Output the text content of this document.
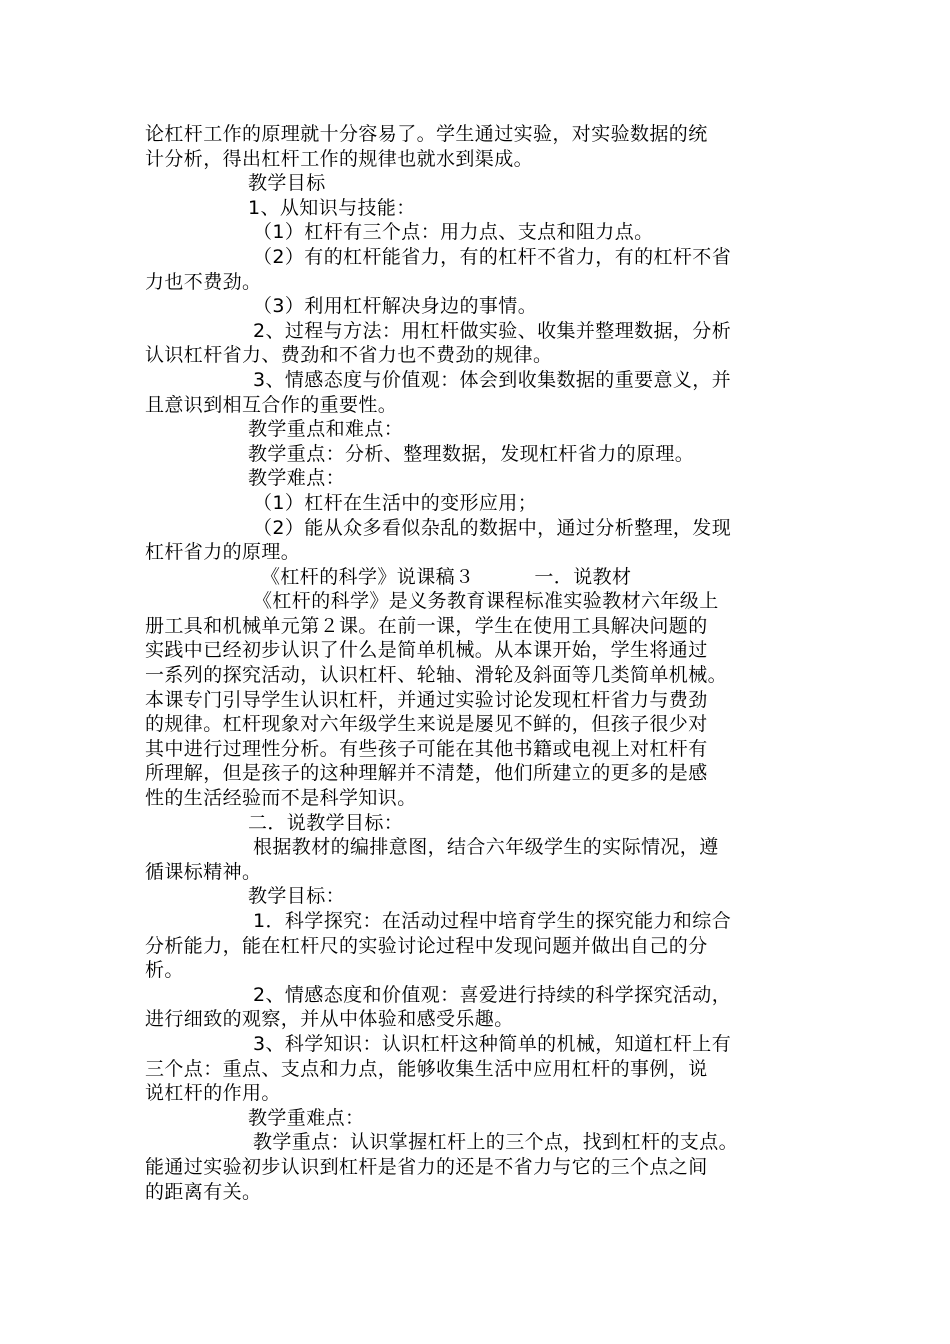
论杠杆工作的原理就十分容易了。学生通过实验，对实验数据的统
计分析，得出杠杆工作的规律也就水到渠成。
教学目标
1、从知识与技能：
（1）杠杆有三个点：用力点、支点和阻力点。
（2）有的杠杆能省力，有的杠杆不省力，有的杠杆不省
力也不费劲。
（3）利用杠杆解决身边的事情。
2、过程与方法：用杠杆做实验、收集并整理数据，分析
认识杠杆省力、费劲和不省力也不费劲的规律。
3、情感态度与价值观：体会到收集数据的重要意义，并
且意识到相互合作的重要性。
教学重点和难点：
教学重点：分析、整理数据，发现杠杆省力的原理。
教学难点：
（1）杠杆在生活中的变形应用；
（2）能从众多看似杂乱的数据中，通过分析整理，发现
杠杆省力的原理。
《杠杆的科学》说课稿３	一．说教材
《杠杆的科学》是义务教育课程标准实验教材六年级上
册工具和机械单元第２课。在前一课，学生在使用工具解决问题的
实践中已经初步认识了什么是简单机械。从本课开始，学生将通过
一系列的探究活动，认识杠杆、轮轴、滑轮及斜面等几类简单机械。
本课专门引导学生认识杠杆，并通过实验讨论发现杠杆省力与费劲
的规律。杠杆现象对六年级学生来说是屡见不鲜的，但孩子很少对
其中进行过理性分析。有些孩子可能在其他书籍或电视上对杠杆有
所理解，但是孩子的这种理解并不清楚，他们所建立的更多的是感
性的生活经验而不是科学知识。
二．说教学目标：
根据教材的编排意图，结合六年级学生的实际情况，遵
循课标精神。
教学目标：
1．科学探究：在活动过程中培育学生的探究能力和综合
分析能力，能在杠杆尺的实验讨论过程中发现问题并做出自己的分
析。
2、情感态度和价值观：喜爱进行持续的科学探究活动，
进行细致的观察，并从中体验和感受乐趣。
3、科学知识：认识杠杆这种简单的机械，知道杠杆上有
三个点：重点、支点和力点，能够收集生活中应用杠杆的事例，说
说杠杆的作用。
教学重难点：
教学重点：认识掌握杠杆上的三个点，找到杠杆的支点。
能通过实验初步认识到杠杆是省力的还是不省力与它的三个点之间
的距离有关。
